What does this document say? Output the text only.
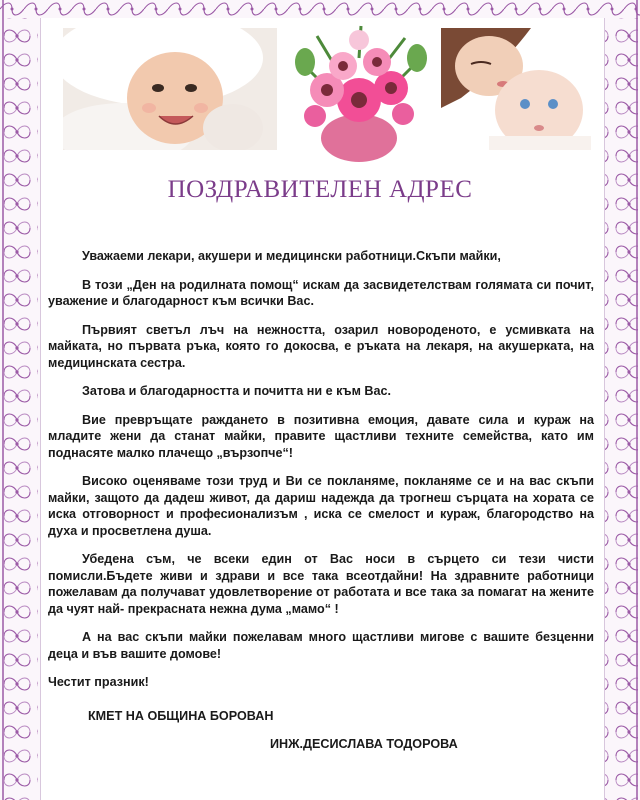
ПОЗДРАВИТЕЛЕН АДРЕС

Уважаеми лекари, акушери и медицински работници.Скъпи майки,

В този „Ден на родилната помощ“ искам да засвидетелствам голямата си почит, уважение и благодарност към всички Вас.

Първият светъл лъч на нежността, озарил новороденото, е усмивката на майката, но първата ръка, която го докосва, е ръката на лекаря, на акушерката, на медицинската сестра.

Затова и благодарността и почитта ни е към Вас.

Вие превръщате раждането в позитивна емоция, давате сила и кураж на младите жени да станат майки, правите щастливи техните семейства, като им поднасяте малко плачещо „вързопче“!

Високо оценяваме този труд и Ви се покланяме, покланяме се и на вас скъпи майки, защото да дадеш живот, да дариш надежда да трогнеш сърцата на хората се иска отговорност и професионализъм , иска се смелост и кураж, благородство на духа и просветлена душа.

Убедена съм, че всеки един от Вас носи в сърцето си тези чисти помисли.Бъдете живи и здрави и все така всеотдайни! На здравните работници пожелавам да получават удовлетворение от работата и все така за помагат на жените да чуят най- прекрасната нежна дума „мамо“ !

А на вас скъпи майки пожелавам много щастливи мигове с вашите безценни деца и във вашите домове!

Честит празник!

КМЕТ НА ОБЩИНА БОРОВАН
ИНЖ.ДЕСИСЛАВА ТОДОРОВА
